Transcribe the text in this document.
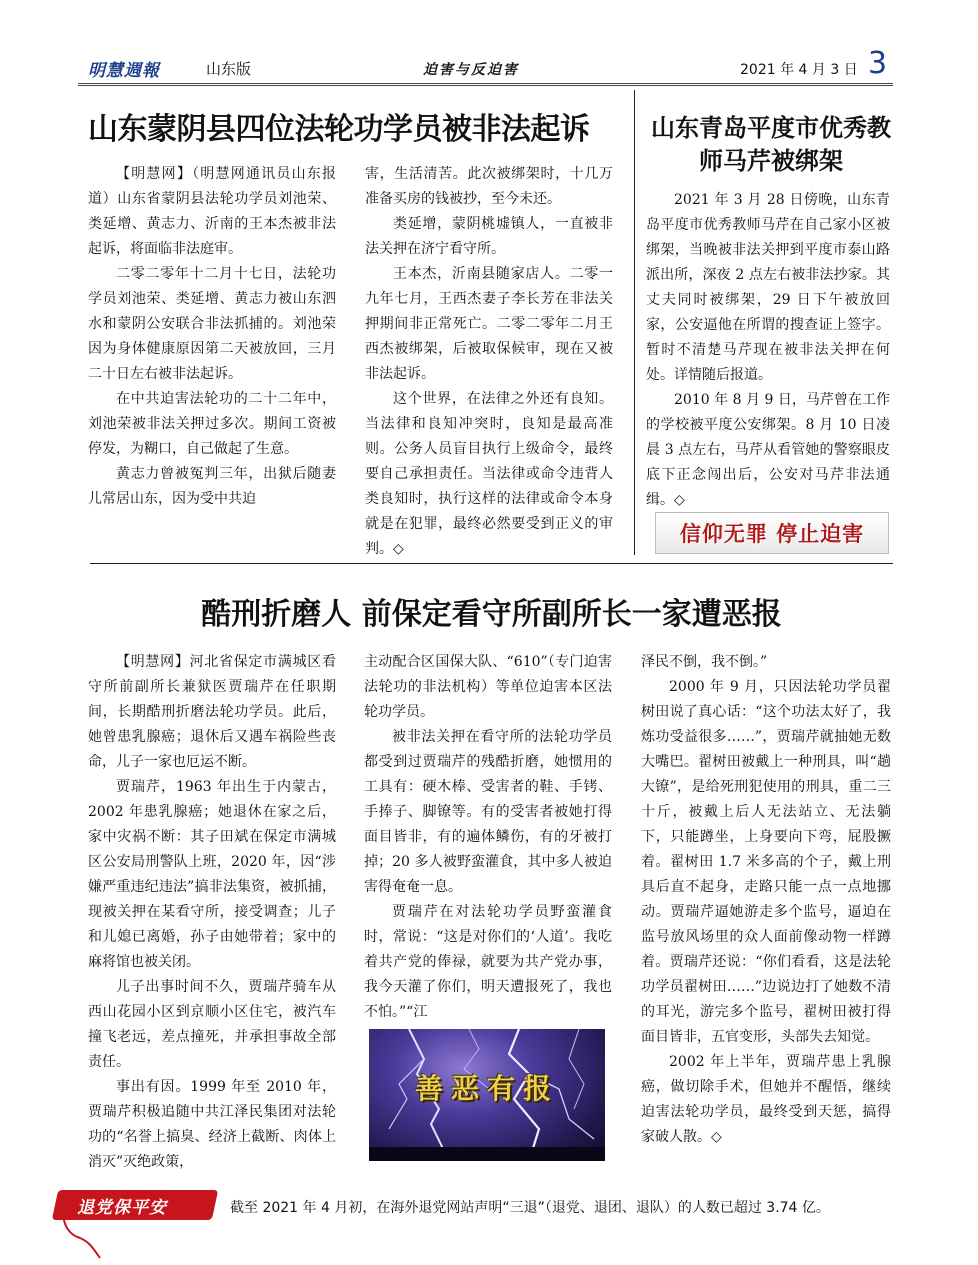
明慧週報	山东版	迫害与反迫害	2021 年 4 月 3 日 3
山东蒙阴县四位法轮功学员被非法起诉

【明慧网】（明慧网通讯员山东报道）山东省蒙阴县法轮功学员刘池荣、类延增、黄志力、沂南的王本杰被非法起诉，将面临非法庭审。

二零二零年十二月十七日，法轮功学员刘池荣、类延增、黄志力被山东泗水和蒙阴公安联合非法抓捕的。刘池荣因为身体健康原因第二天被放回，三月二十日左右被非法起诉。

在中共迫害法轮功的二十二年中，刘池荣被非法关押过多次。期间工资被停发，为糊口，自己做起了生意。

黄志力曾被冤判三年，出狱后随妻儿常居山东，因为受中共迫

害，生活清苦。此次被绑架时，十几万准备买房的钱被抄，至今未还。

类延增，蒙阴桃墟镇人，一直被非法关押在济宁看守所。

王本杰，沂南县随家店人。二零一九年七月，王西杰妻子李长芳在非法关押期间非正常死亡。二零二零年二月王西杰被绑架，后被取保候审，现在又被非法起诉。

这个世界，在法律之外还有良知。当法律和良知冲突时，良知是最高准则。公务人员盲目执行上级命令，最终要自己承担责任。当法律或命令违背人类良知时，执行这样的法律或命令本身就是在犯罪，最终必然要受到正义的审判。◇

山东青岛平度市优秀教师马芹被绑架

2021 年 3 月 28 日傍晚，山东青岛平度市优秀教师马芹在自己家小区被绑架，当晚被非法关押到平度市泰山路派出所，深夜 2 点左右被非法抄家。其丈夫同时被绑架，29 日下午被放回家，公安逼他在所谓的搜查证上签字。暂时不清楚马芹现在被非法关押在何处。详情随后报道。

2010 年 8 月 9 日，马芹曾在工作的学校被平度公安绑架。8 月 10 日凌晨 3 点左右，马芹从看管她的警察眼皮底下正念闯出后，公安对马芹非法通缉。◇

信仰无罪 停止迫害
酷刑折磨人 前保定看守所副所长一家遭恶报

【明慧网】河北省保定市满城区看守所前副所长兼狱医贾瑞芹在任职期间，长期酷刑折磨法轮功学员。此后，她曾患乳腺癌；退休后又遇车祸险些丧命，儿子一家也厄运不断。

贾瑞芹，1963 年出生于内蒙古，2002 年患乳腺癌；她退休在家之后，家中灾祸不断：其子田斌在保定市满城区公安局刑警队上班，2020 年，因“涉嫌严重违纪违法”搞非法集资，被抓捕，现被关押在某看守所，接受调查；儿子和儿媳已离婚，孙子由她带着；家中的麻将馆也被关闭。

儿子出事时间不久，贾瑞芹骑车从西山花园小区到京顺小区住宅，被汽车撞飞老远，差点撞死，并承担事故全部责任。

事出有因。1999 年至 2010 年，贾瑞芹积极追随中共江泽民集团对法轮功的“名誉上搞臭、经济上截断、肉体上消灭”灭绝政策，

主动配合区国保大队、“610”（专门迫害法轮功的非法机构）等单位迫害本区法轮功学员。

被非法关押在看守所的法轮功学员都受到过贾瑞芹的残酷折磨，她惯用的工具有：硬木棒、受害者的鞋、手铐、手捧子、脚镣等。有的受害者被她打得面目皆非，有的遍体鳞伤，有的牙被打掉；20 多人被野蛮灌食，其中多人被迫害得奄奄一息。

贾瑞芹在对法轮功学员野蛮灌食时，常说：“这是对你们的‘人道’。我吃着共产党的俸禄，就要为共产党办事，我今天灌了你们，明天遭报死了，我也不怕。”“江

泽民不倒，我不倒。”

2000 年 9 月，只因法轮功学员翟树田说了真心话：“这个功法太好了，我炼功受益很多……”，贾瑞芹就抽她无数大嘴巴。翟树田被戴上一种刑具，叫“趟大镣”，是给死刑犯使用的刑具，重二三十斤，被戴上后人无法站立、无法躺下，只能蹲坐，上身要向下弯，屁股撅着。翟树田 1.7 米多高的个子，戴上刑具后直不起身，走路只能一点一点地挪动。贾瑞芹逼她游走多个监号，逼迫在监号放风场里的众人面前像动物一样蹲着。贾瑞芹还说：“你们看看，这是法轮功学员翟树田……”边说边打了她数不清的耳光，游完多个监号，翟树田被打得面目皆非，五官变形，头部失去知觉。

2002 年上半年，贾瑞芹患上乳腺癌，做切除手术，但她并不醒悟，继续迫害法轮功学员，最终受到天惩，搞得家破人散。◇

善恶有报
退党保平安	截至 2021 年 4 月初，在海外退党网站声明“三退”（退党、退团、退队）的人数已超过 3.74 亿。
